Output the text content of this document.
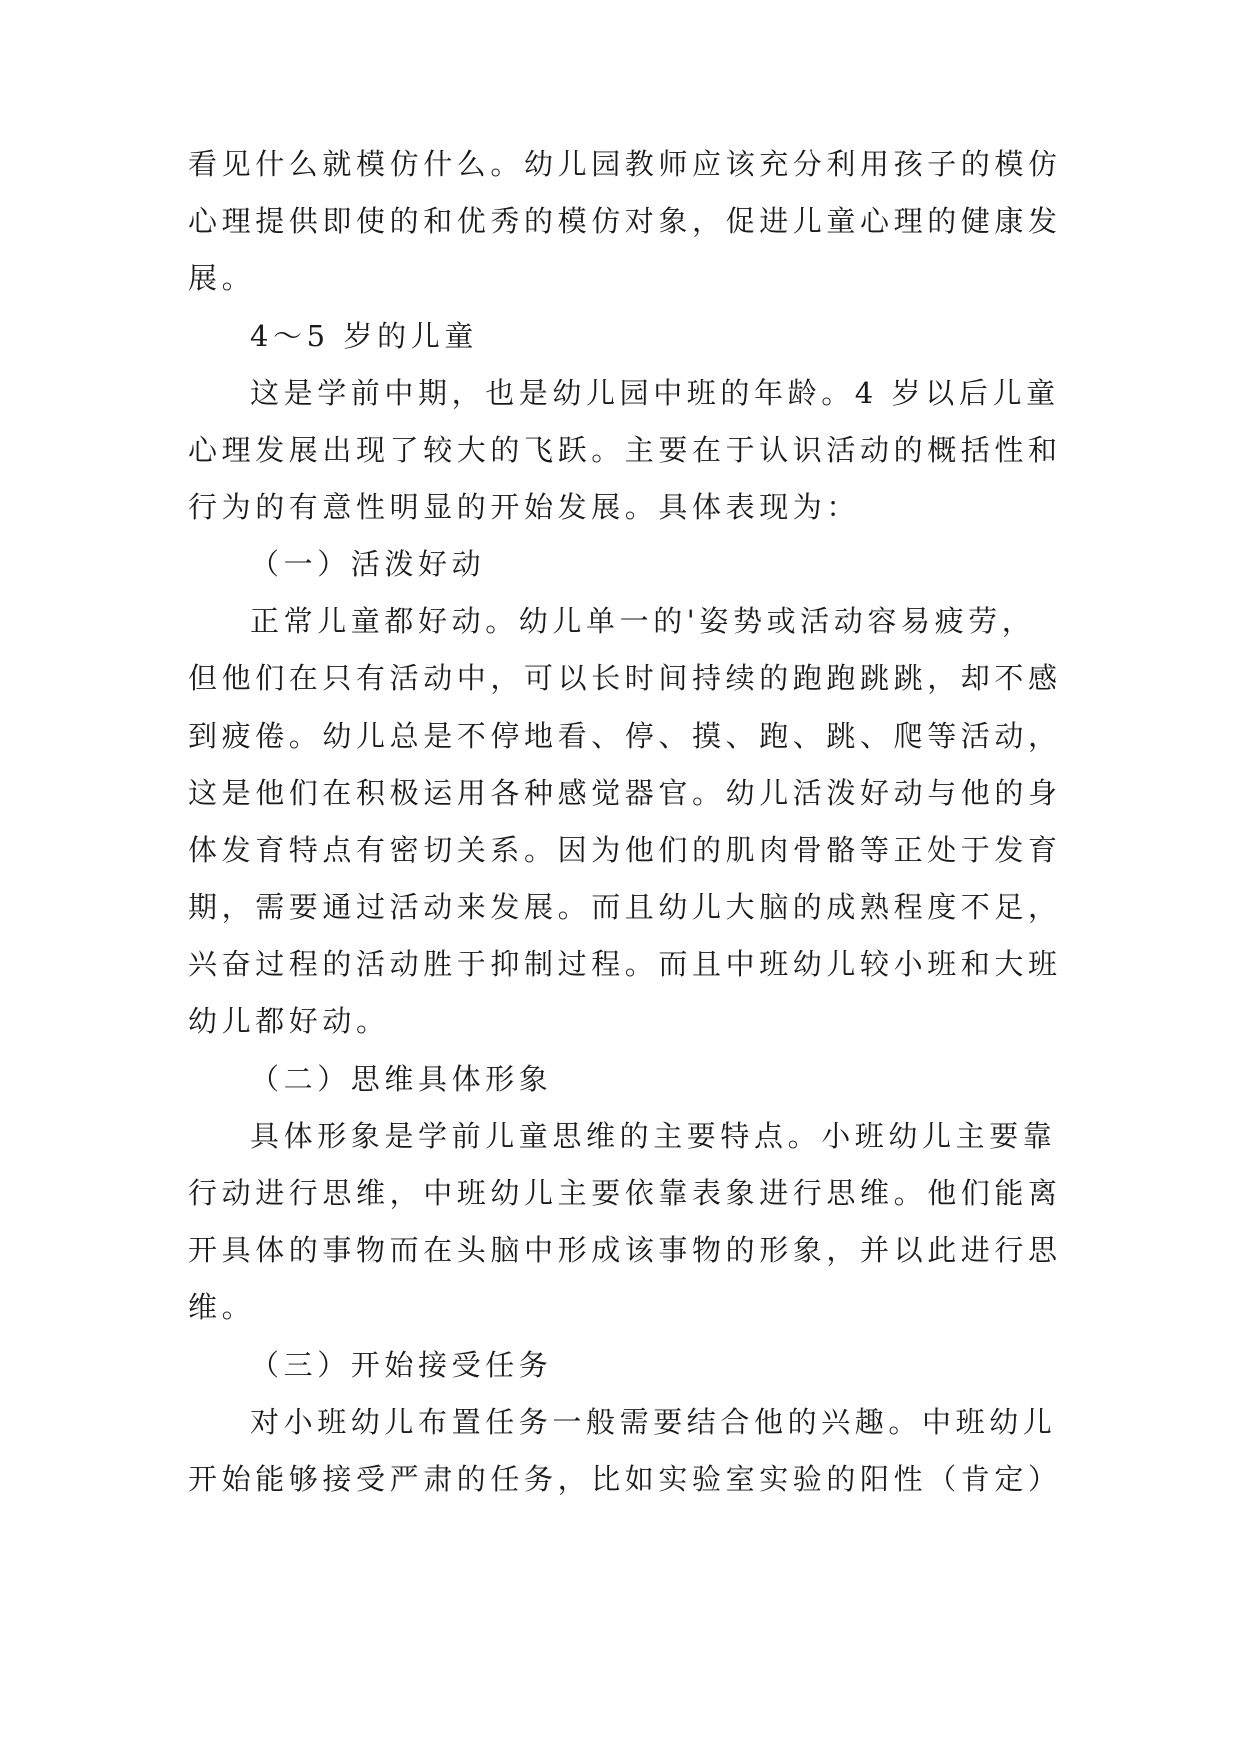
看见什么就模仿什么。幼儿园教师应该充分利用孩子的模仿
心理提供即使的和优秀的模仿对象，促进儿童心理的健康发
展。
4～5 岁的儿童
这是学前中期，也是幼儿园中班的年龄。4 岁以后儿童
心理发展出现了较大的飞跃。主要在于认识活动的概括性和
行为的有意性明显的开始发展。具体表现为：
（一）活泼好动
正常儿童都好动。幼儿单一的'姿势或活动容易疲劳，
但他们在只有活动中，可以长时间持续的跑跑跳跳，却不感
到疲倦。幼儿总是不停地看、停、摸、跑、跳、爬等活动，
这是他们在积极运用各种感觉器官。幼儿活泼好动与他的身
体发育特点有密切关系。因为他们的肌肉骨骼等正处于发育
期，需要通过活动来发展。而且幼儿大脑的成熟程度不足，
兴奋过程的活动胜于抑制过程。而且中班幼儿较小班和大班
幼儿都好动。
（二）思维具体形象
具体形象是学前儿童思维的主要特点。小班幼儿主要靠
行动进行思维，中班幼儿主要依靠表象进行思维。他们能离
开具体的事物而在头脑中形成该事物的形象，并以此进行思
维。
（三）开始接受任务
对小班幼儿布置任务一般需要结合他的兴趣。中班幼儿
开始能够接受严肃的任务，比如实验室实验的阳性（肯定）
